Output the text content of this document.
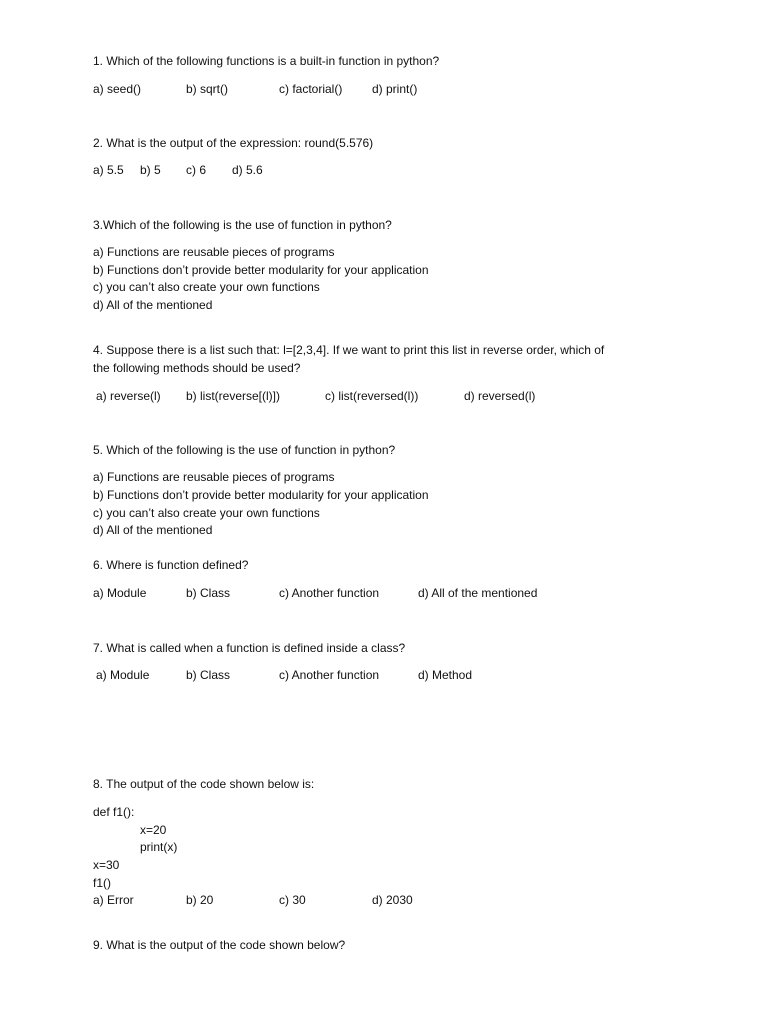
1. Which of the following functions is a built-in function in python?
a) seed()	b) sqrt()	c) factorial() d) print()
2. What is the output of the expression: round(5.576)
a) 5.5 b) 5 c) 6 d) 5.6
3.Which of the following is the use of function in python?
a) Functions are reusable pieces of programs
b) Functions don’t provide better modularity for your application
c) you can’t also create your own functions
d) All of the mentioned
4. Suppose there is a list such that: l=[2,3,4]. If we want to print this list in reverse order, which of
the following methods should be used?
a) reverse(l) b) list(reverse[(l)])	c) list(reversed(l))	d) reversed(l)
5. Which of the following is the use of function in python?
a) Functions are reusable pieces of programs
b) Functions don’t provide better modularity for your application
c) you can’t also create your own functions
d) All of the mentioned
6. Where is function defined?
a) Module	b) Class	c) Another function	d) All of the mentioned
7. What is called when a function is defined inside a class?
a) Module	b) Class	c) Another function	d) Method
8. The output of the code shown below is:
def f1():
x=20
print(x)
x=30
f1()
a) Error	b) 20	c) 30	d) 2030
9. What is the output of the code shown below?
